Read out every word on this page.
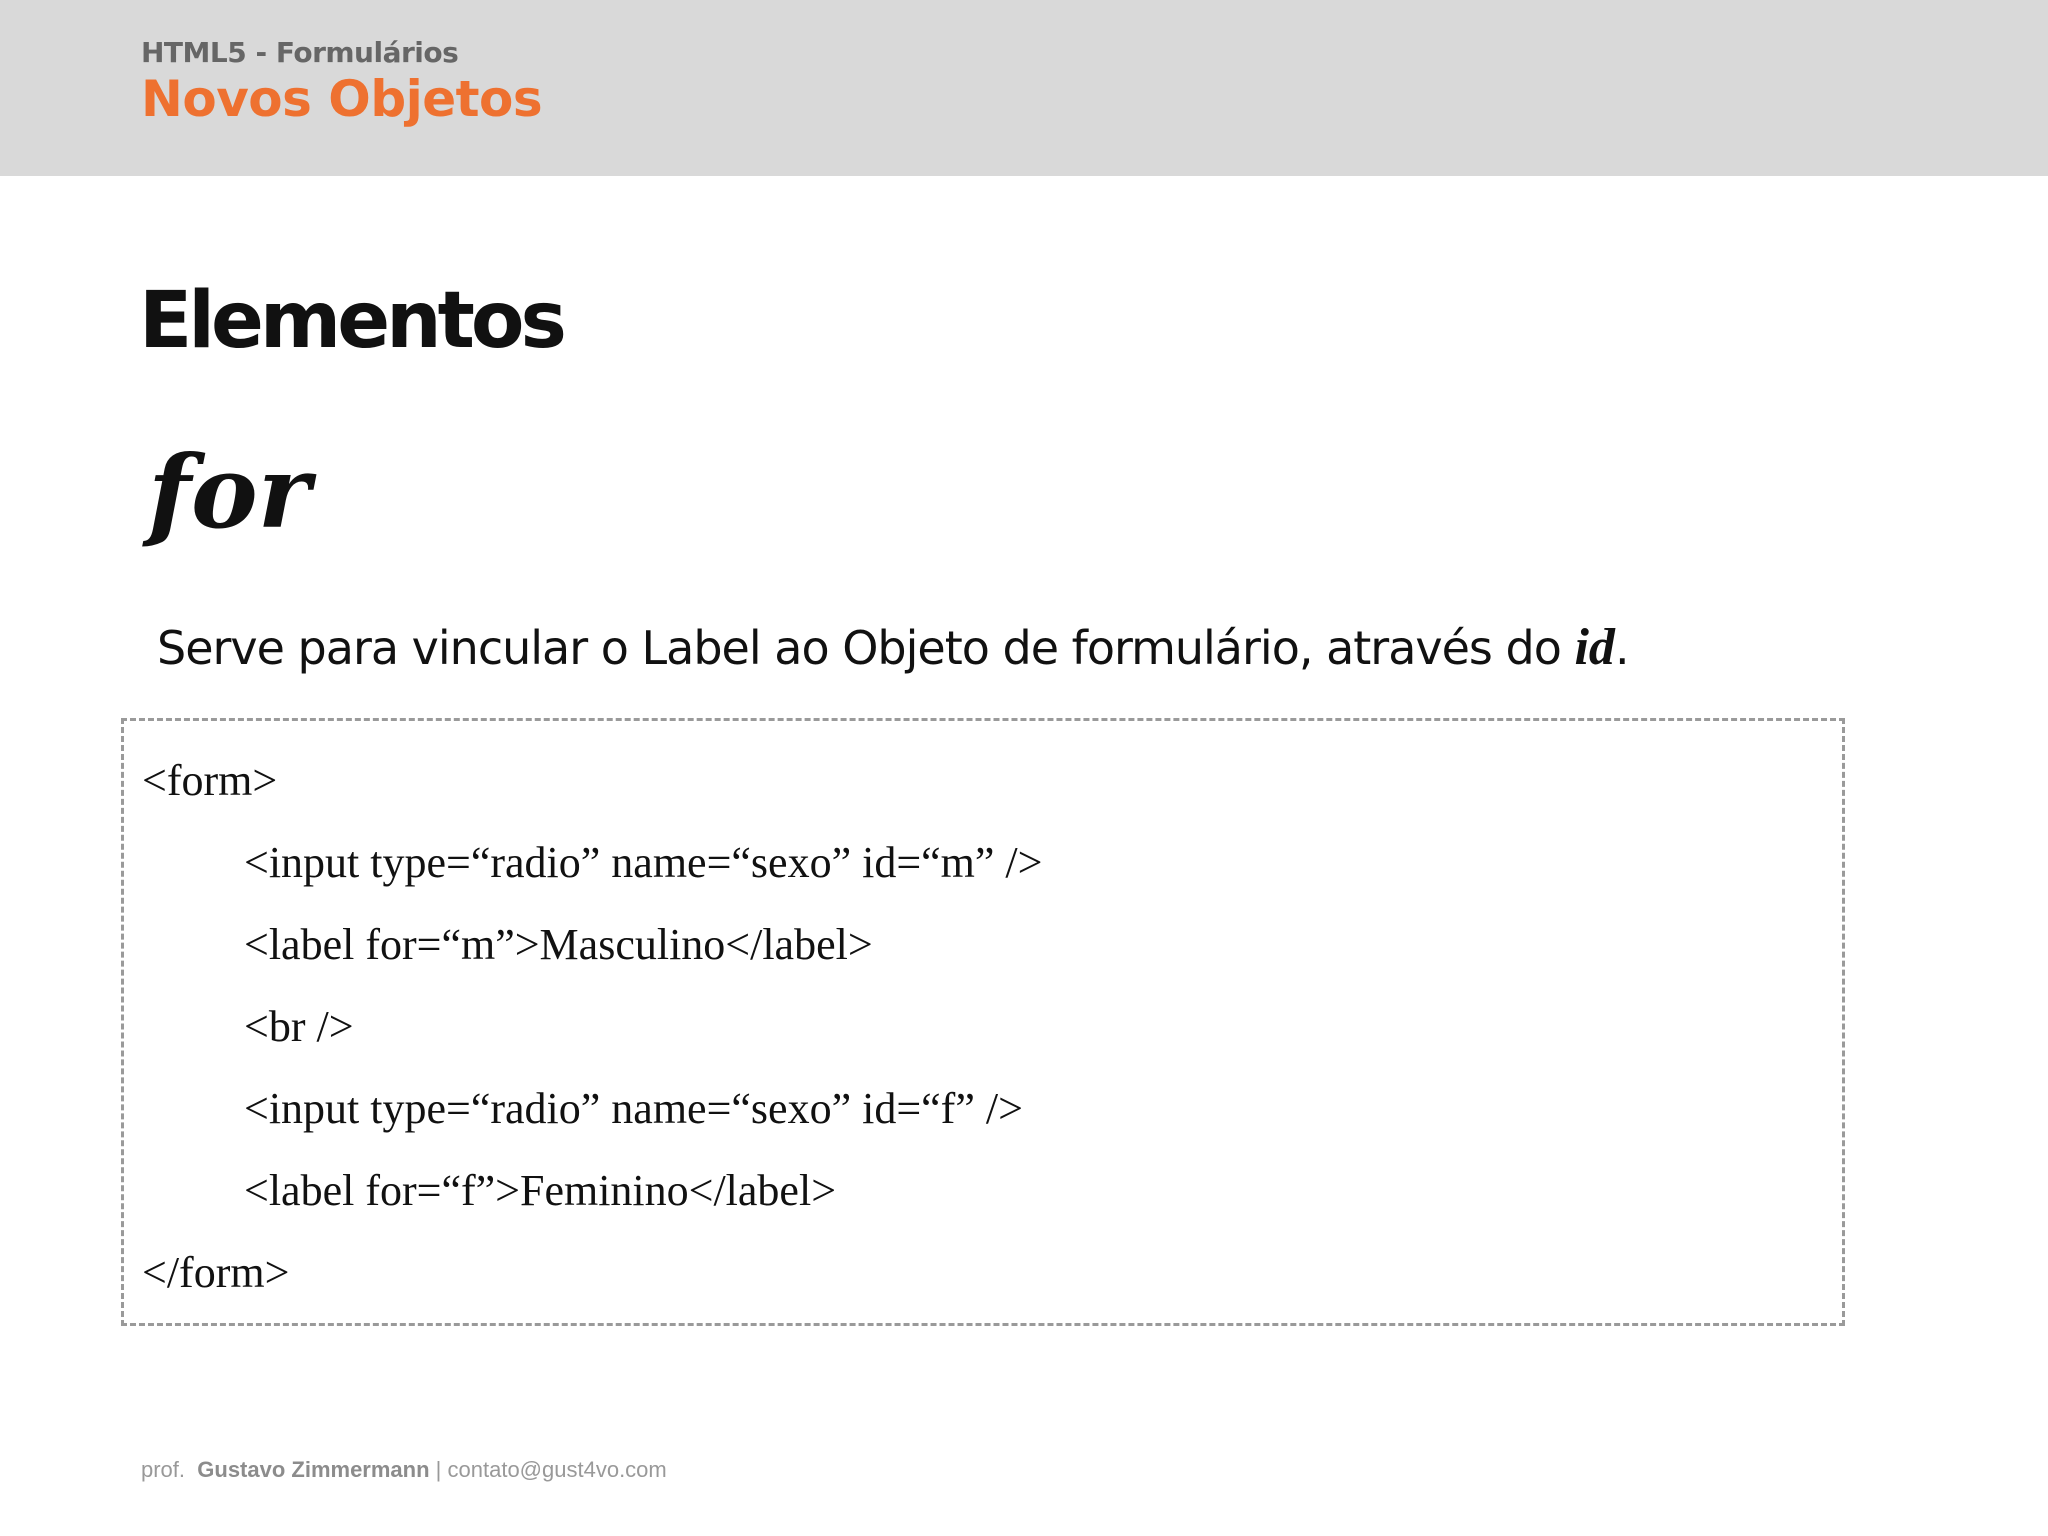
HTML5 - Formulários
Novos Objetos
Elementos
for
Serve para vincular o Label ao Objeto de formulário, através do id.
<form>
<input type=“radio” name=“sexo” id=“m” />
<label for=“m”>Masculino</label>
<br />
<input type=“radio” name=“sexo” id=“f” />
<label for=“f”>Feminino</label>
</form>
prof. Gustavo Zimmermann | contato@gust4vo.com
